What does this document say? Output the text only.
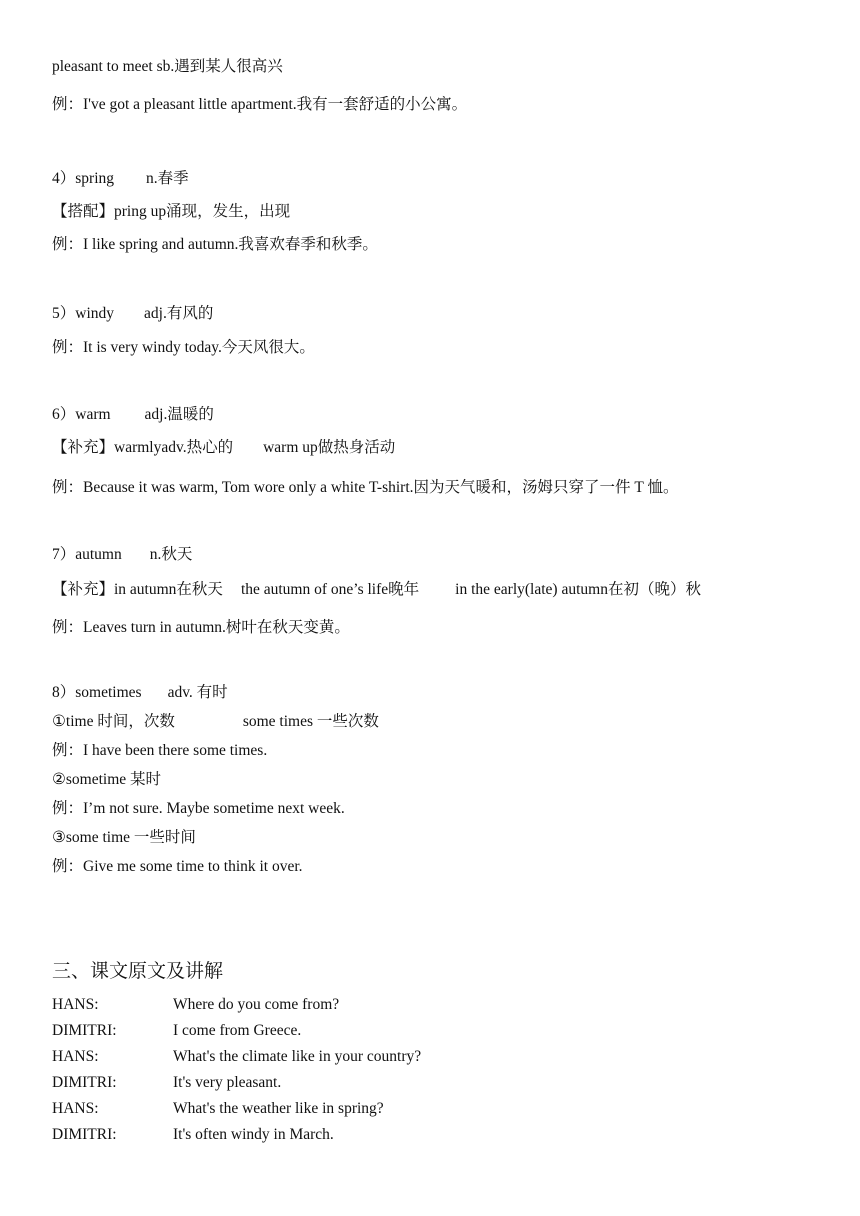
pleasant to meet sb.遇到某人很高兴
例：I've got a pleasant little apartment.我有一套舒适的小公寓。
4）spring n.春季
【搭配】pring up涌现，发生，出现
例：I like spring and autumn.我喜欢春季和秋季。
5）windy adj.有风的
例：It is very windy today.今天风很大。
6）warm adj.温暖的
【补充】warmlyadv.热心的 warm up做热身活动
例：Because it was warm, Tom wore only a white T-shirt.因为天气暖和，汤姆只穿了一件 T 恤。
7）autumn n.秋天
【补充】in autumn在秋天 the autumn of one’s life晚年 in the early(late) autumn在初（晚）秋
例：Leaves turn in autumn.树叶在秋天变黄。
8）sometimes adv. 有时
①time 时间，次数	some times 一些次数
例：I have been there some times.
②sometime 某时
例：I’m not sure. Maybe sometime next week.
③some time 一些时间
例：Give me some time to think it over.
三、课文原文及讲解
HANS:	Where do you come from?
DIMITRI:	I come from Greece.
HANS:	What's the climate like in your country?
DIMITRI:	It's very pleasant.
HANS:	What's the weather like in spring?
DIMITRI:	It's often windy in March.
